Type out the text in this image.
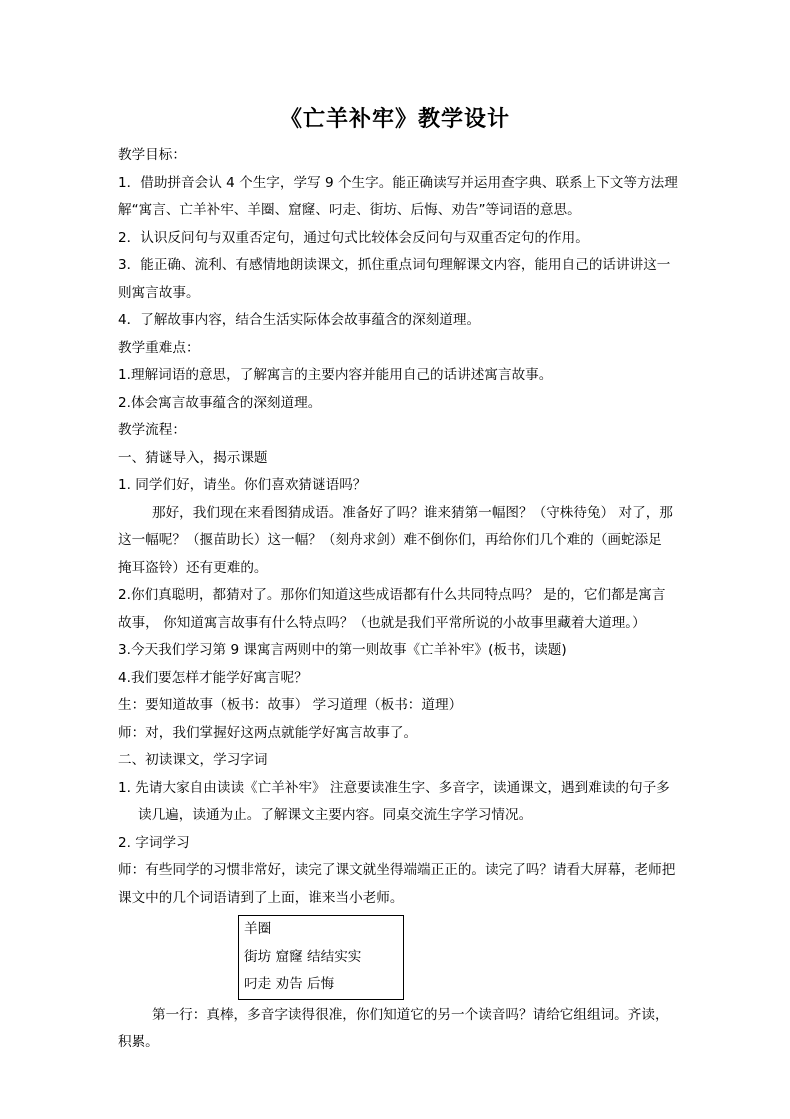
《亡羊补牢》教学设计

教学目标：

1．借助拼音会认 4 个生字，学写 9 个生字。能正确读写并运用查字典、联系上下文等方法理解“寓言、亡羊补牢、羊圈、窟窿、叼走、街坊、后悔、劝告”等词语的意思。

2．认识反问句与双重否定句，通过句式比较体会反问句与双重否定句的作用。

3．能正确、流利、有感情地朗读课文，抓住重点词句理解课文内容，能用自己的话讲讲这一则寓言故事。

4．了解故事内容，结合生活实际体会故事蕴含的深刻道理。

教学重难点：

1.理解词语的意思，了解寓言的主要内容并能用自己的话讲述寓言故事。

2.体会寓言故事蕴含的深刻道理。

教学流程：

一、猜谜导入，揭示课题

1. 同学们好，请坐。你们喜欢猜谜语吗？

那好，我们现在来看图猜成语。准备好了吗？谁来猜第一幅图？（守株待兔） 对了，那这一幅呢？（揠苗助长）这一幅？（刻舟求剑）难不倒你们，再给你们几个难的（画蛇添足 掩耳盗铃）还有更难的。

2.你们真聪明，都猜对了。那你们知道这些成语都有什么共同特点吗？ 是的，它们都是寓言故事， 你知道寓言故事有什么特点吗？（也就是我们平常所说的小故事里藏着大道理。）

3.今天我们学习第 9 课寓言两则中的第一则故事《亡羊补牢》(板书，读题)

4.我们要怎样才能学好寓言呢？

生：要知道故事（板书：故事） 学习道理（板书：道理）

师：对，我们掌握好这两点就能学好寓言故事了。

二、初读课文，学习字词

1. 先请大家自由读读《亡羊补牢》 注意要读准生字、多音字，读通课文，遇到难读的句子多读几遍，读通为止。了解课文主要内容。同桌交流生字学习情况。

2. 字词学习

师：有些同学的习惯非常好，读完了课文就坐得端端正正的。读完了吗？请看大屏幕，老师把课文中的几个词语请到了上面，谁来当小老师。

羊圈
街坊 窟窿 结结实实
叼走 劝告 后悔

第一行：真棒，多音字读得很准，你们知道它的另一个读音吗？请给它组组词。齐读，积累。
